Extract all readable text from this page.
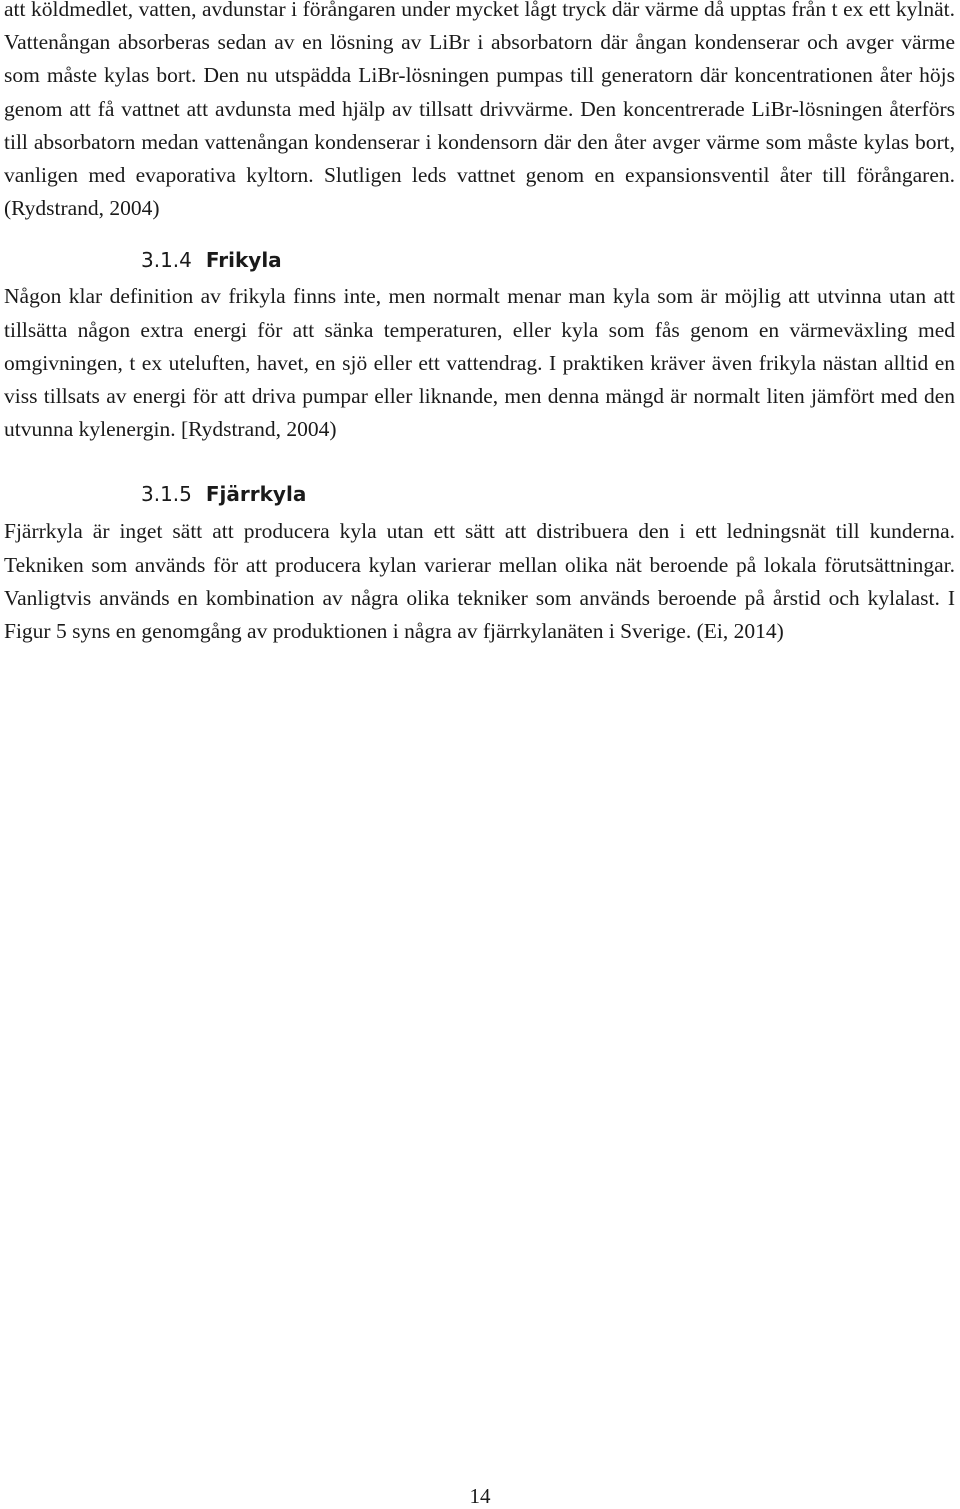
att köldmedlet, vatten, avdunstar i förångaren under mycket lågt tryck där värme då upptas från t ex ett kylnät. Vattenångan absorberas sedan av en lösning av LiBr i absorbatorn där ångan kondenserar och avger värme som måste kylas bort. Den nu utspädda LiBr-lösningen pumpas till generatorn där koncentrationen åter höjs genom att få vattnet att avdunsta med hjälp av tillsatt drivvärme. Den koncentrerade LiBr-lösningen återförs till absorbatorn medan vattenångan kondenserar i kondensorn där den åter avger värme som måste kylas bort, vanligen med evaporativa kyltorn. Slutligen leds vattnet genom en expansionsventil åter till förångaren. (Rydstrand, 2004)

3.1.4 Frikyla

Någon klar definition av frikyla finns inte, men normalt menar man kyla som är möjlig att utvinna utan att tillsätta någon extra energi för att sänka temperaturen, eller kyla som fås genom en värmeväxling med omgivningen, t ex uteluften, havet, en sjö eller ett vattendrag. I praktiken kräver även frikyla nästan alltid en viss tillsats av energi för att driva pumpar eller liknande, men denna mängd är normalt liten jämfört med den utvunna kylenergin. [Rydstrand, 2004)

3.1.5 Fjärrkyla

Fjärrkyla är inget sätt att producera kyla utan ett sätt att distribuera den i ett ledningsnät till kunderna. Tekniken som används för att producera kylan varierar mellan olika nät beroende på lokala förutsättningar. Vanligtvis används en kombination av några olika tekniker som används beroende på årstid och kylalast. I Figur 5 syns en genomgång av produktionen i några av fjärrkylanäten i Sverige. (Ei, 2014)

14
